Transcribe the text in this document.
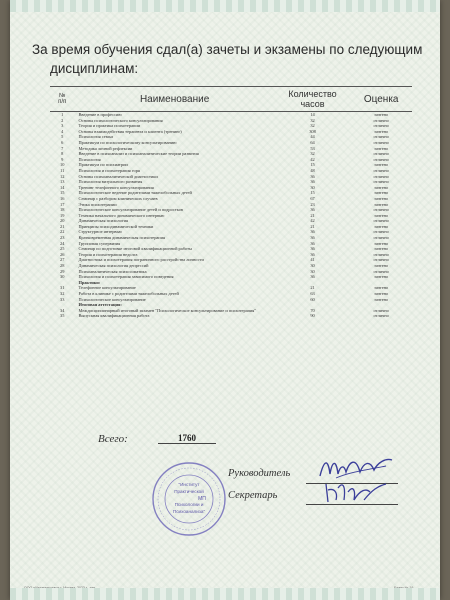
За время обучения сдал(а) зачеты и экзамены по следующим
дисциплинам:
№
п/п	Наименование	Количество часов	Оценка
1	Введение в профессию	14	зачтено
2	Основы психологического консультирования	32	отлично
3	Теория и практика психотерапии	32	отлично
4	Основы взаимодействия терапевта и клиента (тренинг)	308	зачтено
5	Психология семьи	44	отлично
6	Практикум по психологическому консультированию	64	отлично
7	Методика личной рефлексии	53	зачтено
8	Введение в психоанализ и психоаналитические теории развития	32	отлично
9	Психология	42	отлично
10	Практикум по психиатрии	15	зачтено
11	Психология и психотерапия горя	48	отлично
12	Основы психоаналитической диагностики	36	отлично
13	Психология визуального развития	36	отлично
14	Тренинг телефонного консультирования	30	зачтено
15	Психологическое ведение родителями тяжелобольных детей	15	зачтено
16	Семинар с разбором клинических случаев	67	зачтено
17	Этика психотерапии	23	зачтено
18	Психологическое консультирование детей и подростков	36	отлично
19	Техника начального динамического интервью	21	зачтено
20	Динамическая психология	42	отлично
21	Принципы психодинамической техники	21	зачтено
22	Структурное интервью	36	отлично
23	Кратковременная динамическая психотерапия	36	отлично
24	Групповая супервизия	36	зачтено
25	Семинар по подготовке итоговой квалификационной работы	36	зачтено
26	Теория и психотерапия недолга	36	отлично
27	Диагностика и психотерапия пограничного расстройства личности	41	отлично
28	Динамическая психология депрессий	30	зачтено
29	Психоаналитическая психосоматика	30	отлично
30	Психология и психотерапия зависимого поведения	36	зачтено
	Практики:		
31	Телефонное консультирование	21	зачтено
32	Работа в клинике с родителями тяжелобольных детей	63	зачтено
33	Психологическое консультирование	60	зачтено
	Итоговая аттестация:		
34	Междисциплинарный итоговый экзамен "Психологическое консультирование и психотерапия"	70	отлично
35	Выпускная квалификационная работа	90	отлично
Всего:	1760
"Институт
Практической
МП
Психологии и
Психоанализа"
Руководитель
Секретарь
